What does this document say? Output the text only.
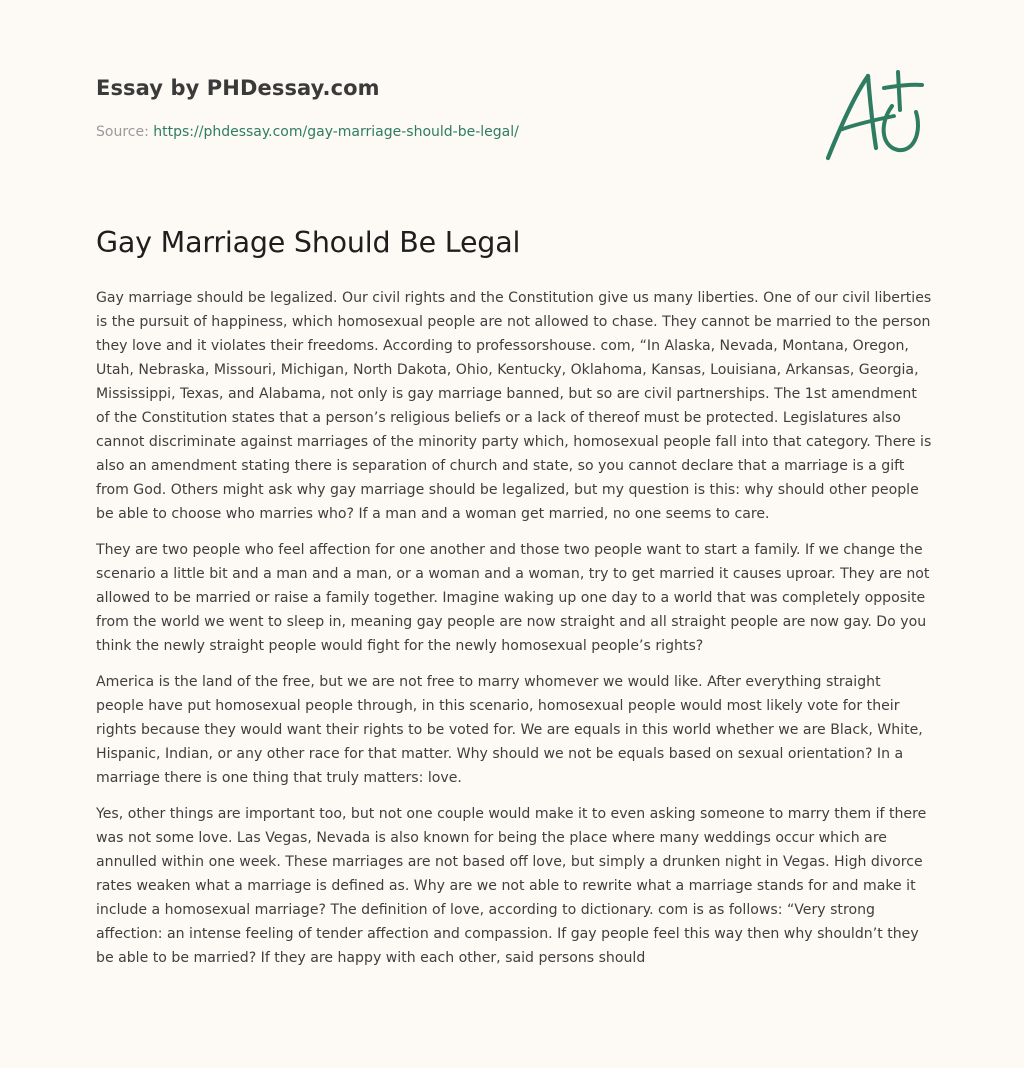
Essay by PHDessay.com
Source: https://phdessay.com/gay-marriage-should-be-legal/
Gay Marriage Should Be Legal

Gay marriage should be legalized. Our civil rights and the Constitution give us many liberties. One of our civil liberties is the pursuit of happiness, which homosexual people are not allowed to chase. They cannot be married to the person they love and it violates their freedoms. According to professorshouse. com, “In Alaska, Nevada, Montana, Oregon, Utah, Nebraska, Missouri, Michigan, North Dakota, Ohio, Kentucky, Oklahoma, Kansas, Louisiana, Arkansas, Georgia, Mississippi, Texas, and Alabama, not only is gay marriage banned, but so are civil partnerships. The 1st amendment of the Constitution states that a person’s religious beliefs or a lack of thereof must be protected. Legislatures also cannot discriminate against marriages of the minority party which, homosexual people fall into that category. There is also an amendment stating there is separation of church and state, so you cannot declare that a marriage is a gift from God. Others might ask why gay marriage should be legalized, but my question is this: why should other people be able to choose who marries who? If a man and a woman get married, no one seems to care.

They are two people who feel affection for one another and those two people want to start a family. If we change the scenario a little bit and a man and a man, or a woman and a woman, try to get married it causes uproar. They are not allowed to be married or raise a family together. Imagine waking up one day to a world that was completely opposite from the world we went to sleep in, meaning gay people are now straight and all straight people are now gay. Do you think the newly straight people would fight for the newly homosexual people’s rights?

America is the land of the free, but we are not free to marry whomever we would like. After everything straight people have put homosexual people through, in this scenario, homosexual people would most likely vote for their rights because they would want their rights to be voted for. We are equals in this world whether we are Black, White, Hispanic, Indian, or any other race for that matter. Why should we not be equals based on sexual orientation? In a marriage there is one thing that truly matters: love.

Yes, other things are important too, but not one couple would make it to even asking someone to marry them if there was not some love. Las Vegas, Nevada is also known for being the place where many weddings occur which are annulled within one week. These marriages are not based off love, but simply a drunken night in Vegas. High divorce rates weaken what a marriage is defined as. Why are we not able to rewrite what a marriage stands for and make it include a homosexual marriage? The definition of love, according to dictionary. com is as follows: “Very strong affection: an intense feeling of tender affection and compassion. If gay people feel this way then why shouldn’t they be able to be married? If they are happy with each other, said persons should
